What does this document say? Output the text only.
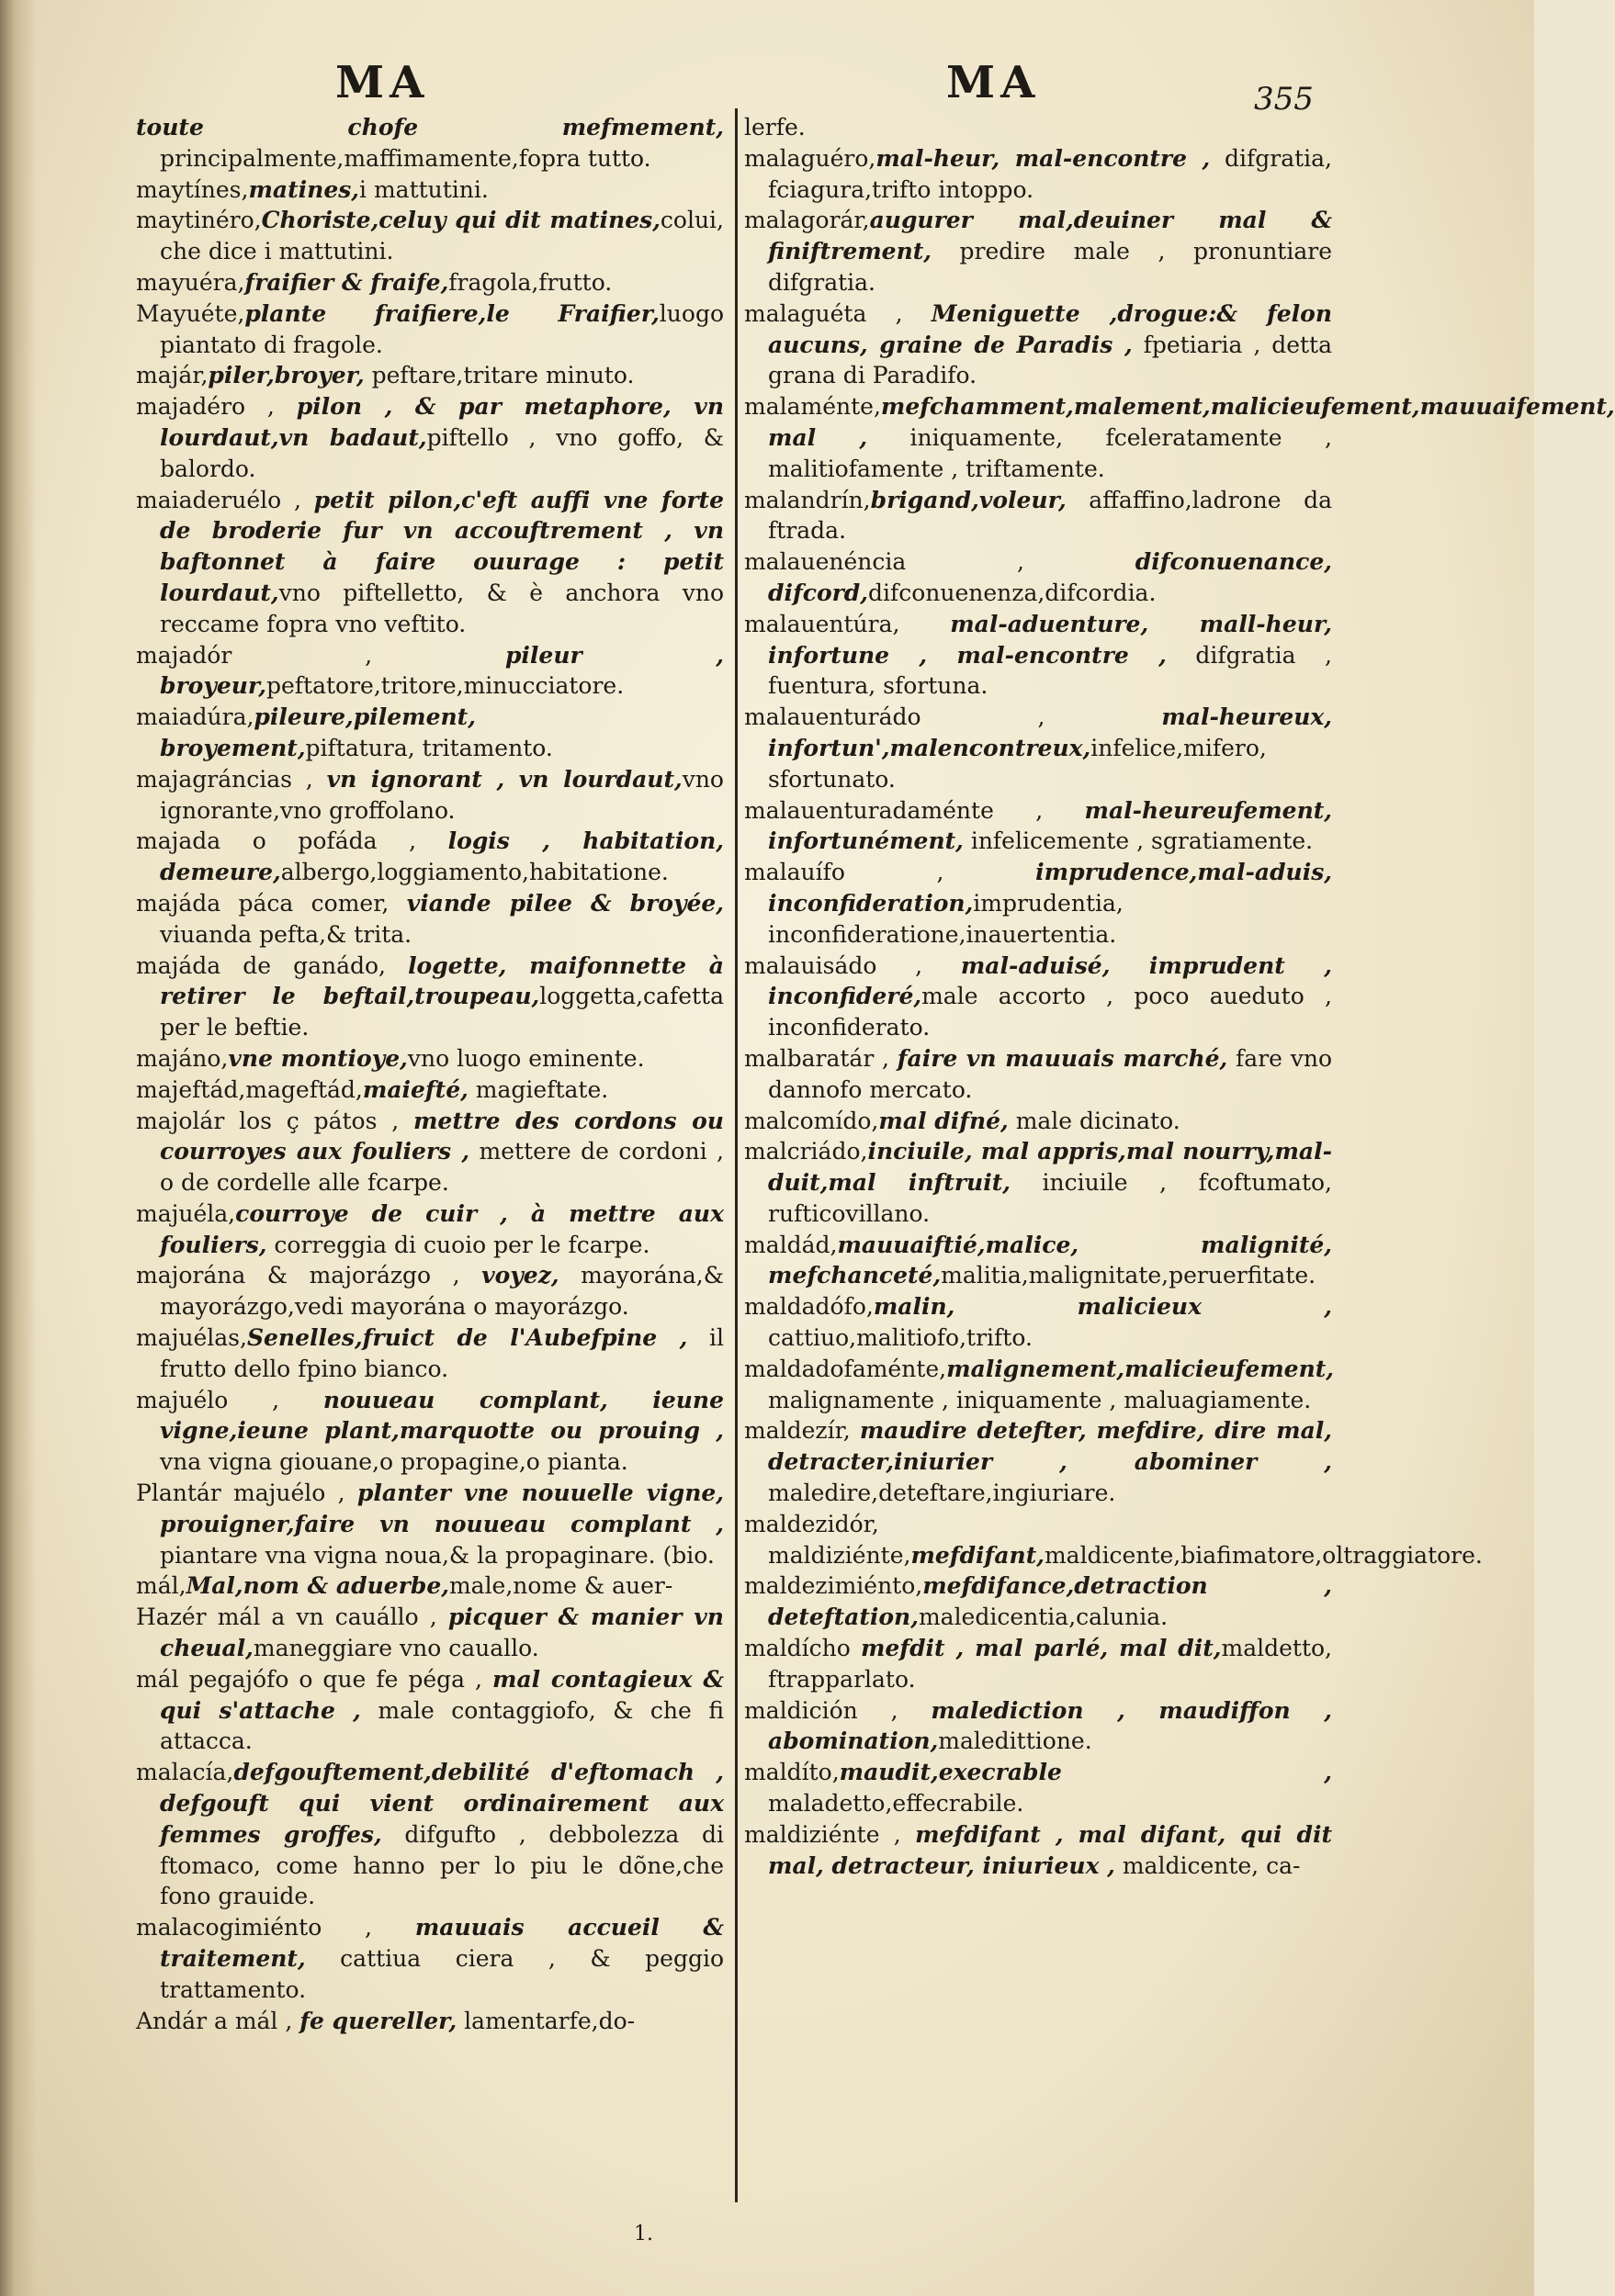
MA	MA	355

toute chofe mefmement, principalmente,maffimamente,fopra tutto.

maytínes,matines,i mattutini.

maytinéro,Choriste,celuy qui dit matines,colui, che dice i mattutini.

mayuéra,fraifier & fraife,fragola,frutto.

Mayuéte,plante fraifiere,le Fraifier,luogo piantato di fragole.

majár,piler,broyer, peftare,tritare minuto.

majadéro , pilon , & par metaphore, vn lourdaut,vn badaut,piftello , vno goffo, & balordo.

maiaderuélo , petit pilon,c'eft auffi vne forte de broderie fur vn accouftrement , vn baftonnet à faire ouurage : petit lourdaut,vno piftelletto, & è anchora vno reccame fopra vno veftito.

majadór , pileur , broyeur,peftatore,tritore,minucciatore.

maiadúra,pileure,pilement, broyement,piftatura, tritamento.

majagráncias , vn ignorant , vn lourdaut,vno ignorante,vno groffolano.

majada o pofáda , logis , habitation, demeure,albergo,loggiamento,habitatione.

majáda páca comer, viande pilee & broyée, viuanda pefta,& trita.

majáda de ganádo, logette, maifonnette à retirer le beftail,troupeau,loggetta,cafetta per le beftie.

majáno,vne montioye,vno luogo eminente.

majeftád,mageftád,maiefté, magieftate.

majolár los ç pátos , mettre des cordons ou courroyes aux fouliers , mettere de cordoni , o de cordelle alle fcarpe.

majuéla,courroye de cuir , à mettre aux fouliers, correggia di cuoio per le fcarpe.

majorána & majorázgo , voyez, mayorána,& mayorázgo,vedi mayorána o mayorázgo.

majuélas,Senelles,fruict de l'Aubefpine , il frutto dello fpino bianco.

majuélo , nouueau complant, ieune vigne,ieune plant,marquotte ou prouing , vna vigna giouane,o propagine,o pianta.

Plantár majuélo , planter vne nouuelle vigne, prouigner,faire vn nouueau complant , piantare vna vigna noua,& la propaginare. (bio.

mál,Mal,nom & aduerbe,male,nome & auer-

Hazér mál a vn cauállo , picquer & manier vn cheual,maneggiare vno cauallo.

mál pegajófo o que fe péga , mal contagieux & qui s'attache , male contaggiofo, & che fi attacca.

malacía,defgouftement,debilité d'eftomach , defgouft qui vient ordinairement aux femmes groffes, difgufto , debbolezza di ftomaco, come hanno per lo piu le dõne,che fono grauide.

malacogimiénto , mauuais accueil & traitement, cattiua ciera , & peggio trattamento.

Andár a mál , fe quereller, lamentarfe,do-

lerfe.

malaguéro,mal-heur, mal-encontre , difgratia, fciagura,trifto intoppo.

malagorár,augurer mal,deuiner mal & finiftrement, predire male , pronuntiare difgratia.

malaguéta , Meniguette ,drogue:& felon aucuns, graine de Paradis , fpetiaria , detta grana di Paradifo.

malaménte,mefchamment,malement,malicieufement,mauuaifement, mal , iniquamente, fceleratamente , malitiofamente , triftamente.

malandrín,brigand,voleur, affaffino,ladrone da ftrada.

malauenéncia , difconuenance, difcord,difconuenenza,difcordia.

malauentúra, mal-aduenture, mall-heur, infortune , mal-encontre , difgratia , fuentura, sfortuna.

malauenturádo , mal-heureux, infortun',malencontreux,infelice,mifero, sfortunato.

malauenturadaménte , mal-heureufement, infortunément, infelicemente , sgratiamente.

malauífo , imprudence,mal-aduis, inconfideration,imprudentia, inconfideratione,inauertentia.

malauisádo , mal-aduisé, imprudent , inconfideré,male accorto , poco aueduto , inconfiderato.

malbaratár , faire vn mauuais marché, fare vno dannofo mercato.

malcomído,mal difné, male dicinato.

malcriádo,inciuile, mal appris,mal nourry,mal-duit,mal inftruit, inciuile , fcoftumato, rufticovillano.

maldád,mauuaiftié,malice, malignité, mefchanceté,malitia,malignitate,peruerfitate.

maldadófo,malin, malicieux , cattiuo,malitiofo,trifto.

maldadofaménte,malignement,malicieufement, malignamente , iniquamente , maluagiamente.

maldezír, maudire detefter, mefdire, dire mal, detracter,iniurier , abominer , maledire,deteftare,ingiuriare.

maldezidór, maldiziénte,mefdifant,maldicente,biafimatore,oltraggiatore.

maldezimiénto,mefdifance,detraction , deteftation,maledicentia,calunia.

maldícho mefdit , mal parlé, mal dit,maldetto, ftrapparlato.

maldición , malediction , maudiffon , abomination,maledittione.

maldíto,maudit,execrable , maladetto,effecrabile.

maldiziénte , mefdifant , mal difant, qui dit mal, detracteur, iniurieux , maldicente, ca-

1.
